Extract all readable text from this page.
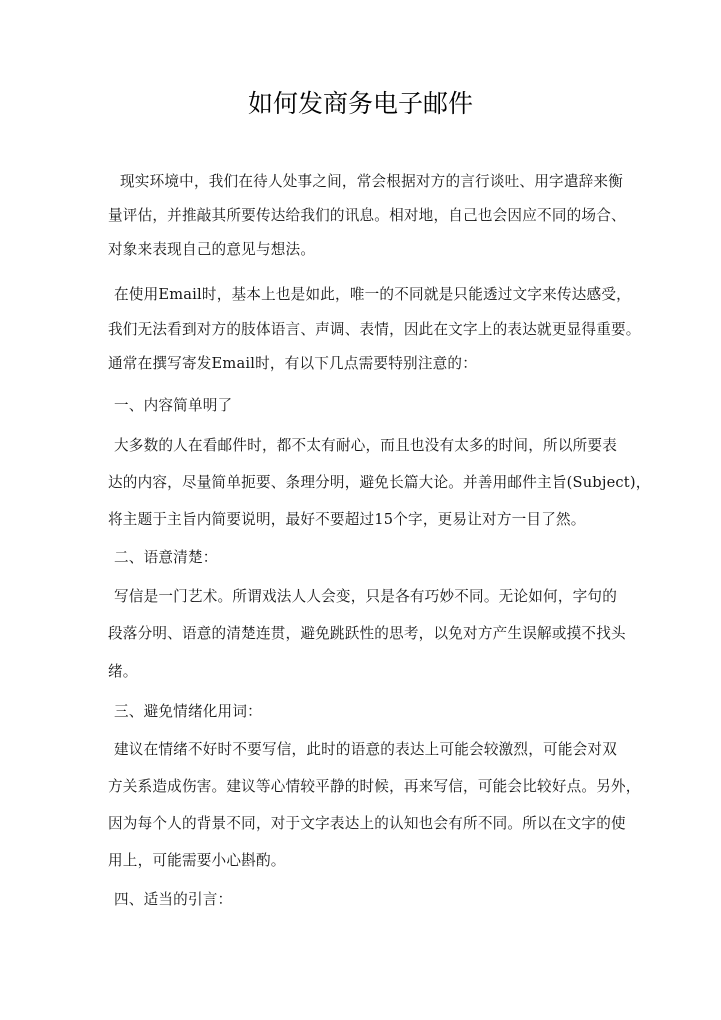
如何发商务电子邮件
现实环境中，我们在待人处事之间，常会根据对方的言行谈吐、用字遣辞来衡
量评估，并推敲其所要传达给我们的讯息。相对地，自己也会因应不同的场合、
对象来表现自己的意见与想法。
在使用Email时，基本上也是如此，唯一的不同就是只能透过文字来传达感受，
我们无法看到对方的肢体语言、声调、表情，因此在文字上的表达就更显得重要。
通常在撰写寄发Email时，有以下几点需要特别注意的：
一、内容简单明了
大多数的人在看邮件时，都不太有耐心，而且也没有太多的时间，所以所要表
达的内容，尽量简单扼要、条理分明，避免长篇大论。并善用邮件主旨(Subject)，
将主题于主旨内简要说明，最好不要超过15个字，更易让对方一目了然。
二、语意清楚：
写信是一门艺术。所谓戏法人人会变，只是各有巧妙不同。无论如何，字句的
段落分明、语意的清楚连贯，避免跳跃性的思考，以免对方产生误解或摸不找头
绪。
三、避免情绪化用词：
建议在情绪不好时不要写信，此时的语意的表达上可能会较激烈，可能会对双
方关系造成伤害。建议等心情较平静的时候，再来写信，可能会比较好点。另外，
因为每个人的背景不同，对于文字表达上的认知也会有所不同。所以在文字的使
用上，可能需要小心斟酌。
四、适当的引言：
